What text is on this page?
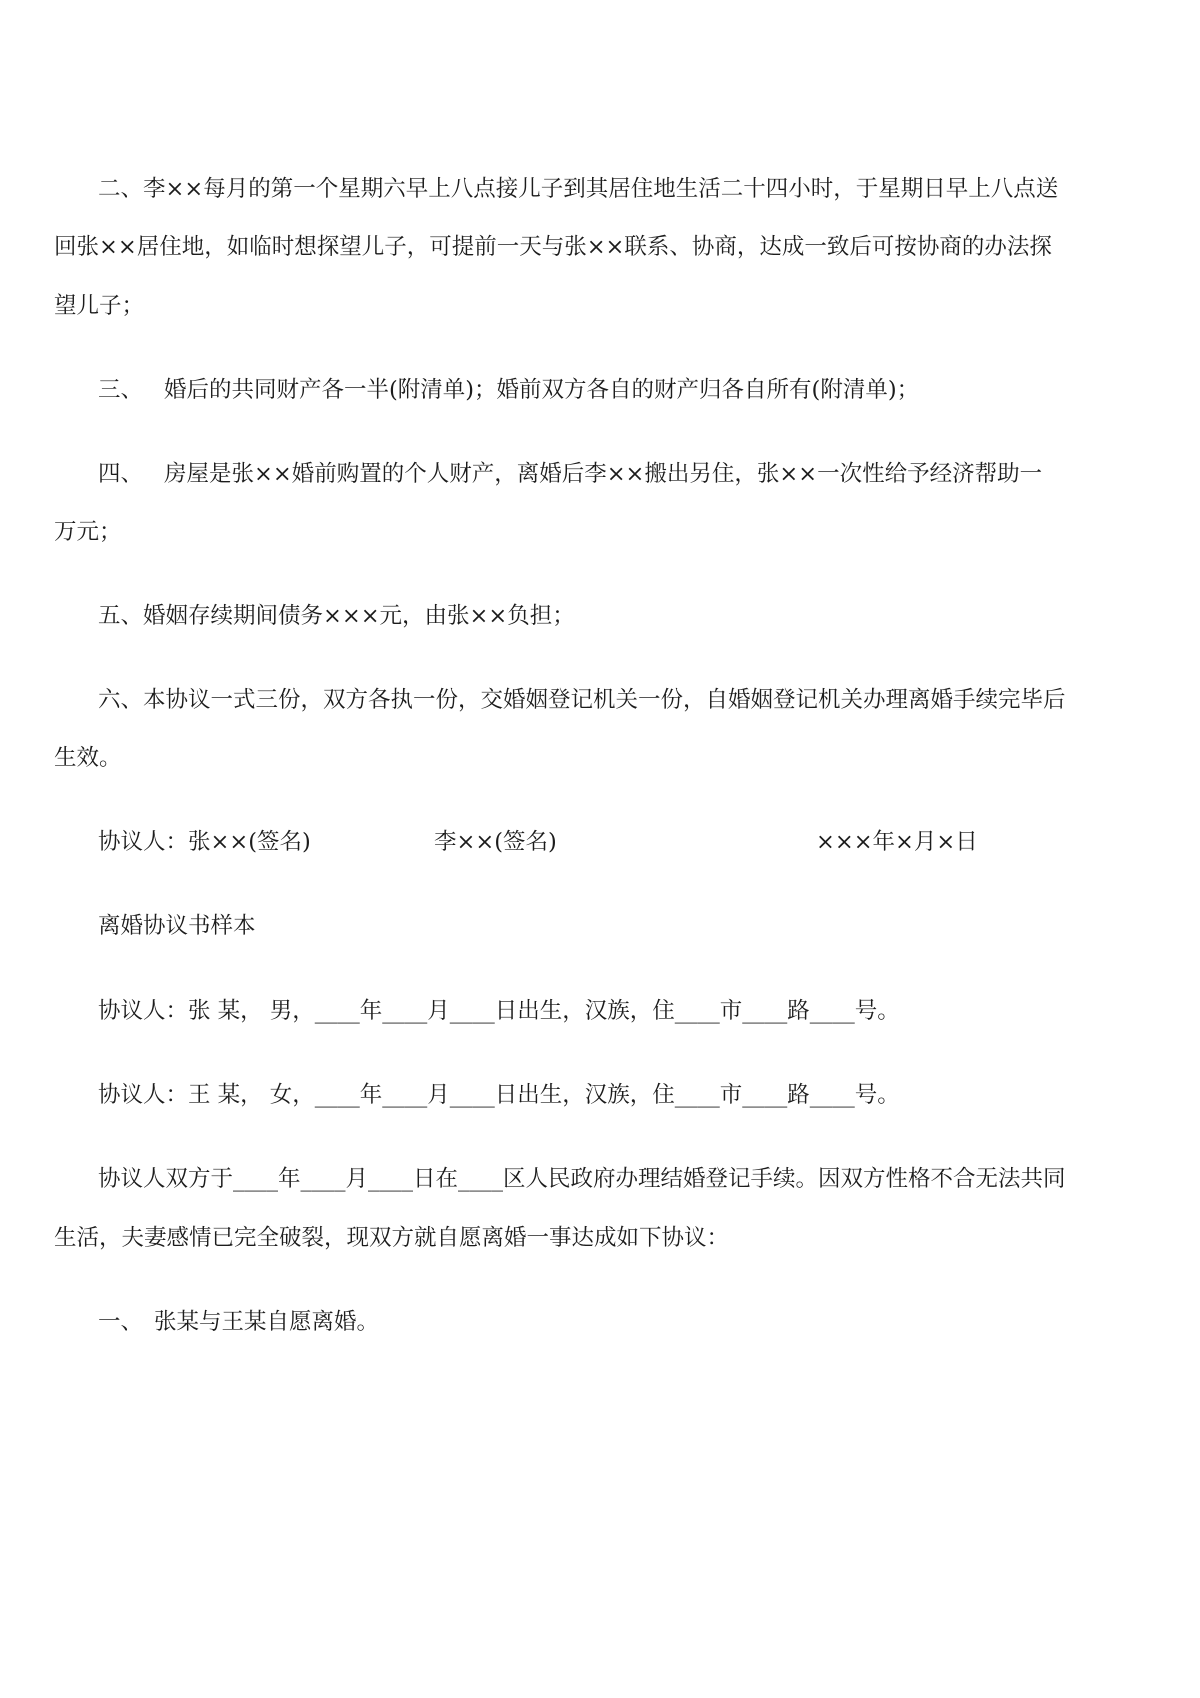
二、李××每月的第一个星期六早上八点接儿子到其居住地生活二十四小时，于星期日早上八点送
回张××居住地，如临时想探望儿子，可提前一天与张××联系、协商，达成一致后可按协商的办法探
望儿子；
三、 婚后的共同财产各一半(附清单)；婚前双方各自的财产归各自所有(附清单)；
四、 房屋是张××婚前购置的个人财产，离婚后李××搬出另住，张××一次性给予经济帮助一
万元；
五、婚姻存续期间债务×××元，由张××负担；
六、本协议一式三份，双方各执一份，交婚姻登记机关一份，自婚姻登记机关办理离婚手续完毕后
生效。
协议人：张××(签名)	李××(签名)	×××年×月×日
离婚协议书样本
协议人：张 某， 男，____年____月____日出生，汉族，住____市____路____号。
协议人：王 某， 女，____年____月____日出生，汉族，住____市____路____号。
协议人双方于____年____月____日在____区人民政府办理结婚登记手续。因双方性格不合无法共同
生活，夫妻感情已完全破裂，现双方就自愿离婚一事达成如下协议：
一、 张某与王某自愿离婚。
